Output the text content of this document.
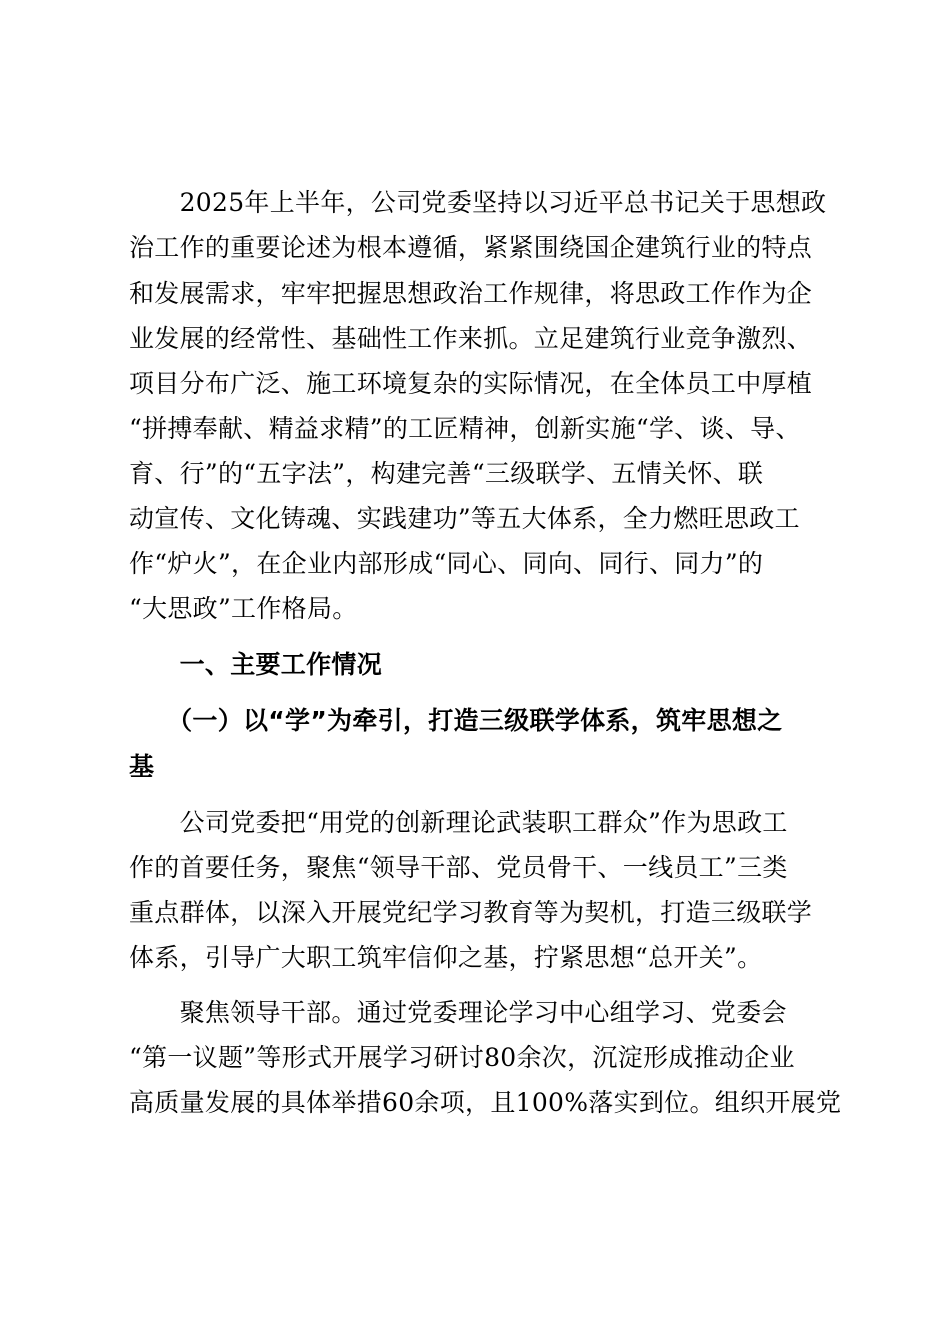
　　2025年上半年，公司党委坚持以习近平总书记关于思想政
治工作的重要论述为根本遵循，紧紧围绕国企建筑行业的特点
和发展需求，牢牢把握思想政治工作规律，将思政工作作为企
业发展的经常性、基础性工作来抓。立足建筑行业竞争激烈、
项目分布广泛、施工环境复杂的实际情况，在全体员工中厚植
“拼搏奉献、精益求精”的工匠精神，创新实施“学、谈、导、
育、行”的“五字法”，构建完善“三级联学、五情关怀、联
动宣传、文化铸魂、实践建功”等五大体系，全力燃旺思政工
作“炉火”，在企业内部形成“同心、同向、同行、同力”的
“大思政”工作格局。
　　一、主要工作情况
　　（一）以“学”为牵引，打造三级联学体系，筑牢思想之
基
　　公司党委把“用党的创新理论武装职工群众”作为思政工
作的首要任务，聚焦“领导干部、党员骨干、一线员工”三类
重点群体，以深入开展党纪学习教育等为契机，打造三级联学
体系，引导广大职工筑牢信仰之基，拧紧思想“总开关”。
　　聚焦领导干部。通过党委理论学习中心组学习、党委会
“第一议题”等形式开展学习研讨80余次，沉淀形成推动企业
高质量发展的具体举措60余项，且100%落实到位。组织开展党
